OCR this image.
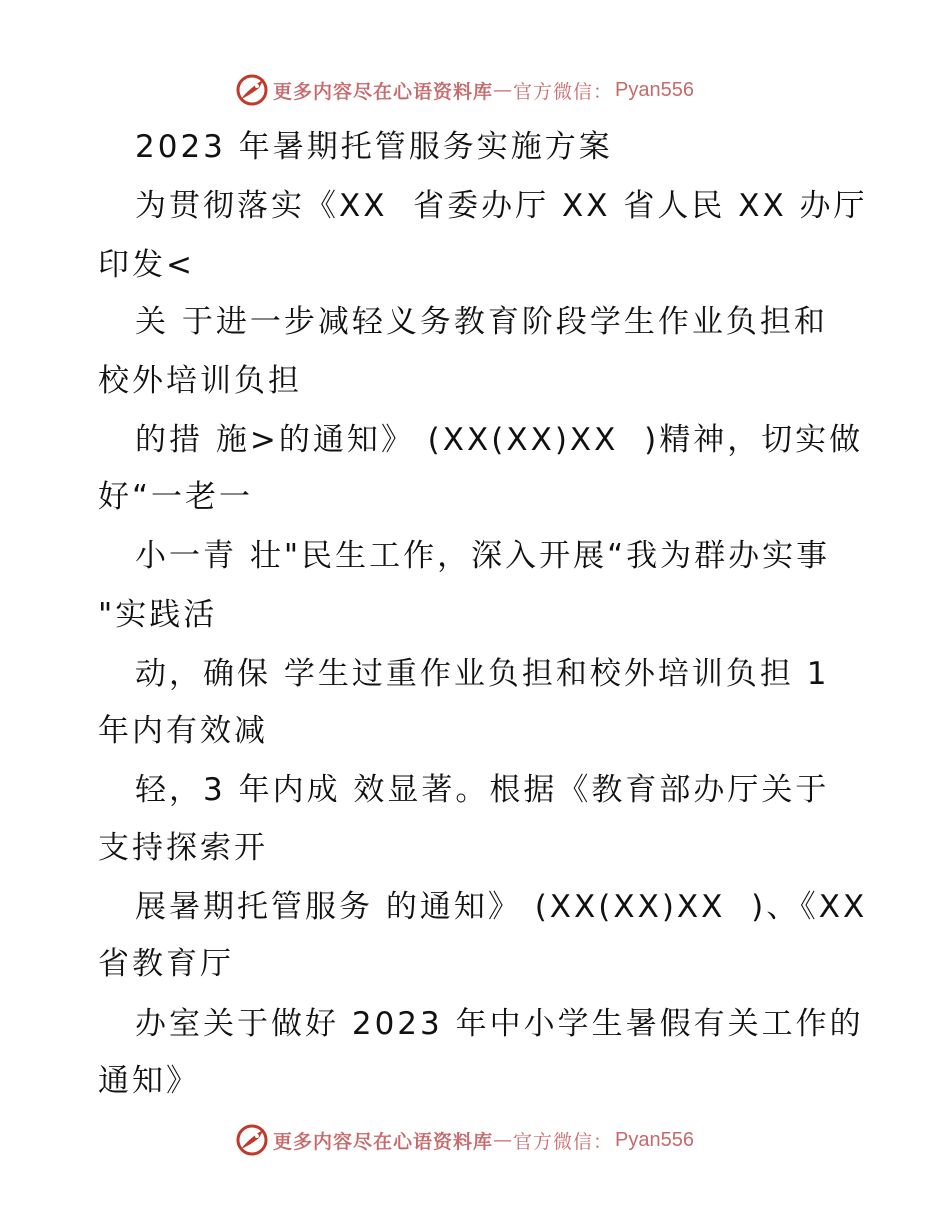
更多内容尽在心语资料库 — 官方微信： Pyan556
2023 年暑期托管服务实施方案
为贯彻落实《XX  省委办厅 XX 省人民 XX 办厅
印发<
关 于进一步减轻义务教育阶段学生作业负担和
校外培训负担
的措 施>的通知》 (XX(XX)XX  )精神，切实做
好“一老一
小一青 壮"民生工作，深入开展“我为群办实事
"实践活
动，确保 学生过重作业负担和校外培训负担 1
年内有效减
轻，3 年内成 效显著。根据《教育部办厅关于
支持探索开
展暑期托管服务 的通知》 (XX(XX)XX  )、《XX
省教育厅
办室关于做好 2023 年中小学生暑假有关工作的
通知》
更多内容尽在心语资料库 — 官方微信： Pyan556
